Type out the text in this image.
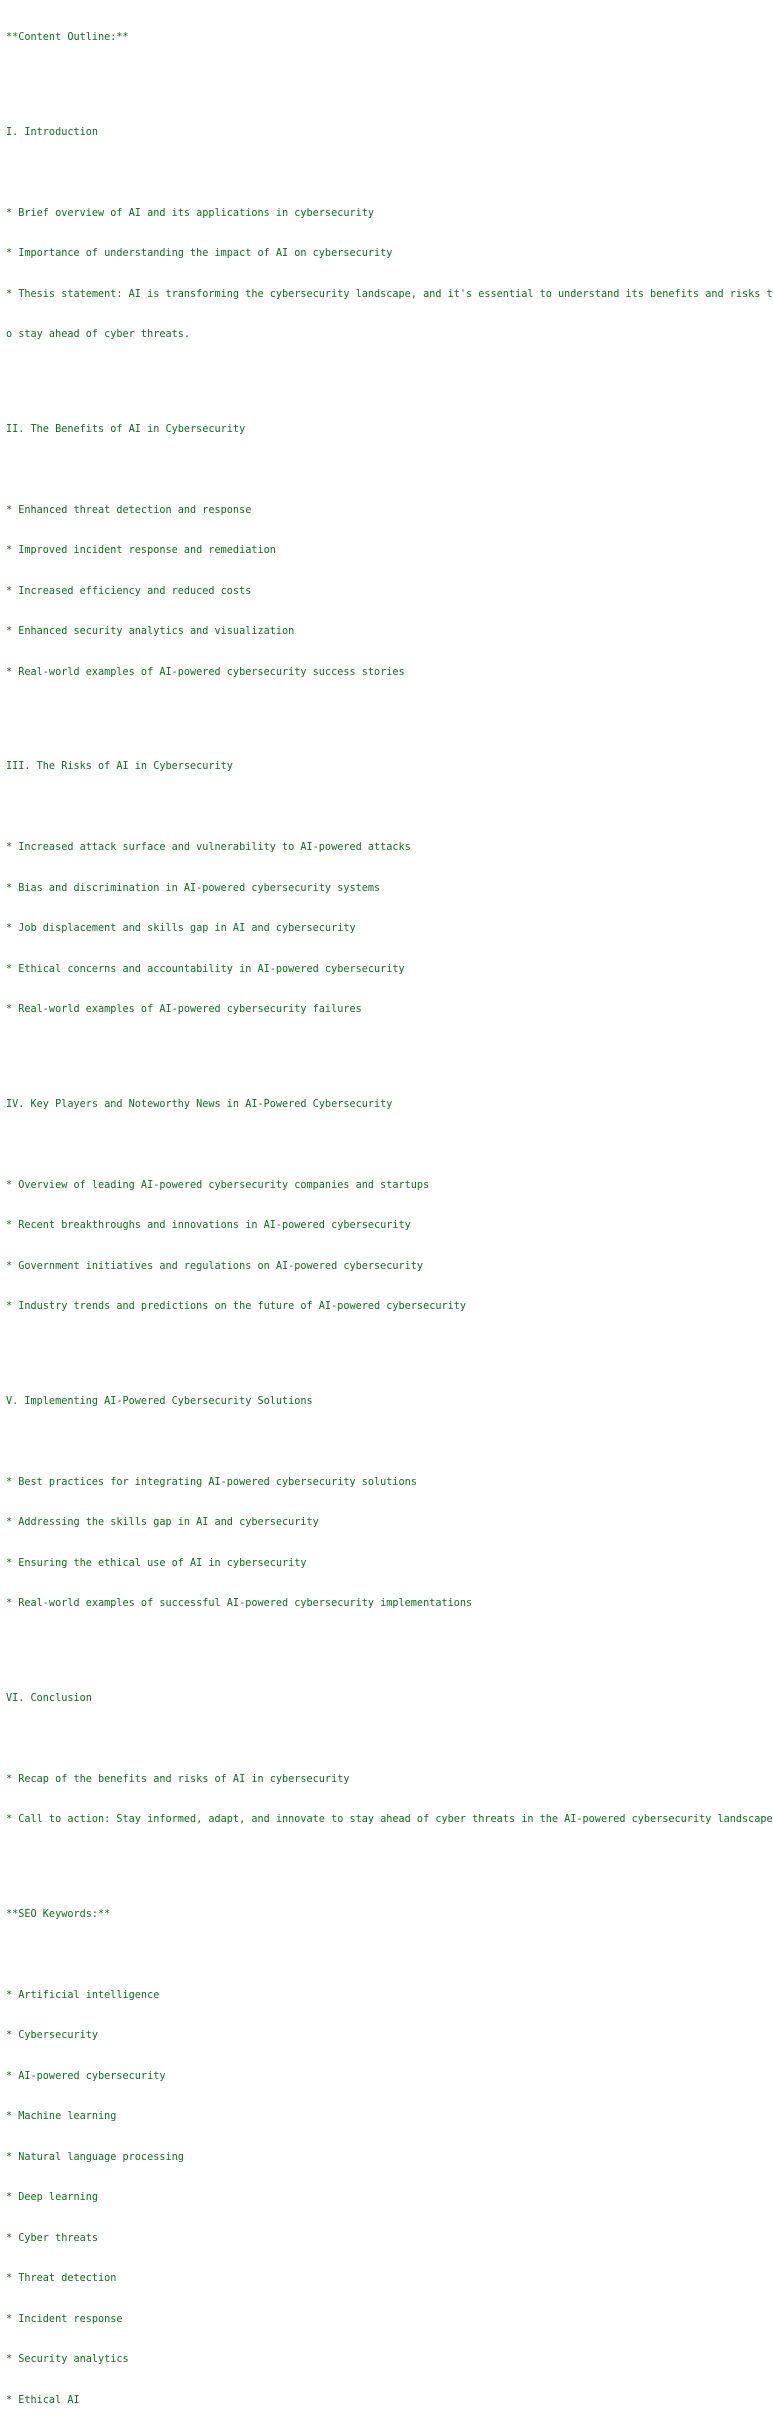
**Content Outline:**

I. Introduction

* Brief overview of AI and its applications in cybersecurity

* Importance of understanding the impact of AI on cybersecurity

* Thesis statement: AI is transforming the cybersecurity landscape, and it's essential to understand its benefits and risks t

o stay ahead of cyber threats.

II. The Benefits of AI in Cybersecurity

* Enhanced threat detection and response

* Improved incident response and remediation

* Increased efficiency and reduced costs

* Enhanced security analytics and visualization

* Real-world examples of AI-powered cybersecurity success stories

III. The Risks of AI in Cybersecurity

* Increased attack surface and vulnerability to AI-powered attacks

* Bias and discrimination in AI-powered cybersecurity systems

* Job displacement and skills gap in AI and cybersecurity

* Ethical concerns and accountability in AI-powered cybersecurity

* Real-world examples of AI-powered cybersecurity failures

IV. Key Players and Noteworthy News in AI-Powered Cybersecurity

* Overview of leading AI-powered cybersecurity companies and startups

* Recent breakthroughs and innovations in AI-powered cybersecurity

* Government initiatives and regulations on AI-powered cybersecurity

* Industry trends and predictions on the future of AI-powered cybersecurity

V. Implementing AI-Powered Cybersecurity Solutions

* Best practices for integrating AI-powered cybersecurity solutions

* Addressing the skills gap in AI and cybersecurity

* Ensuring the ethical use of AI in cybersecurity

* Real-world examples of successful AI-powered cybersecurity implementations

VI. Conclusion

* Recap of the benefits and risks of AI in cybersecurity

* Call to action: Stay informed, adapt, and innovate to stay ahead of cyber threats in the AI-powered cybersecurity landscape

**SEO Keywords:**

* Artificial intelligence

* Cybersecurity

* AI-powered cybersecurity

* Machine learning

* Natural language processing

* Deep learning

* Cyber threats

* Threat detection

* Incident response

* Security analytics

* Ethical AI
